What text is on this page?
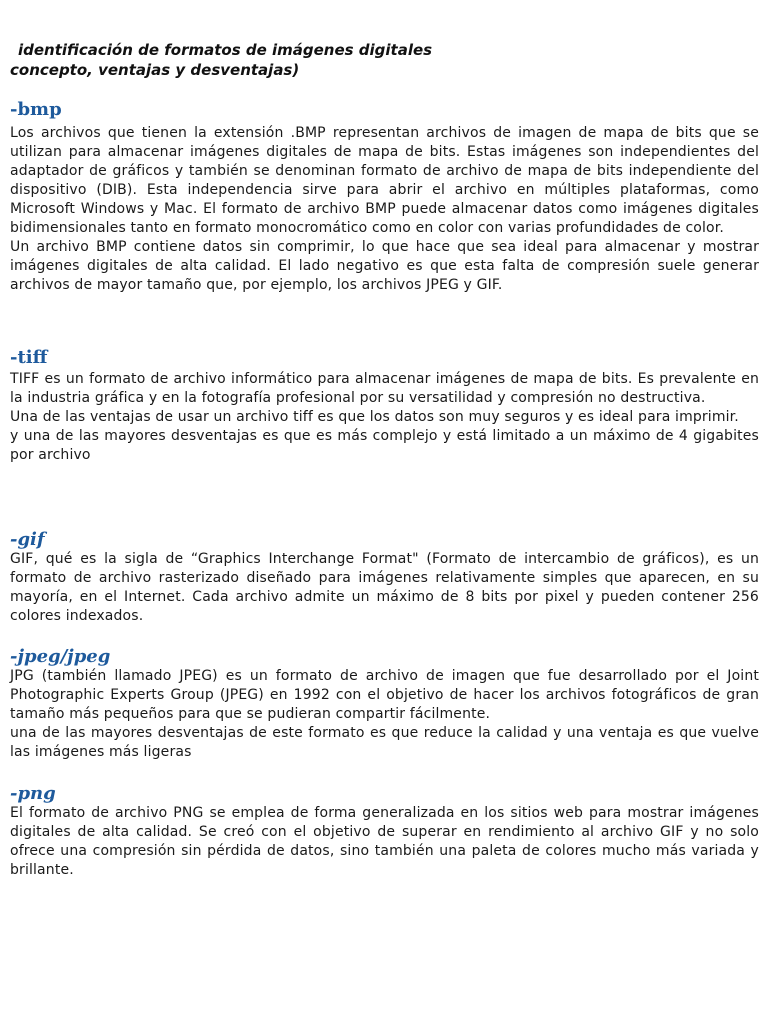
identificación de formatos de imágenes digitales
concepto, ventajas y desventajas)
-bmp

Los archivos que tienen la extensión .BMP representan archivos de imagen de mapa de bits que se utilizan para almacenar imágenes digitales de mapa de bits. Estas imágenes son independientes del adaptador de gráficos y también se denominan formato de archivo de mapa de bits independiente del dispositivo (DIB). Esta independencia sirve para abrir el archivo en múltiples plataformas, como Microsoft Windows y Mac. El formato de archivo BMP puede almacenar datos como imágenes digitales bidimensionales tanto en formato monocromático como en color con varias profundidades de color.

Un archivo BMP contiene datos sin comprimir, lo que hace que sea ideal para almacenar y mostrar imágenes digitales de alta calidad. El lado negativo es que esta falta de compresión suele generar archivos de mayor tamaño que, por ejemplo, los archivos JPEG y GIF.

-tiff

TIFF es un formato de archivo informático para almacenar imágenes de mapa de bits. Es prevalente en la industria gráfica y en la fotografía profesional por su versatilidad y compresión no destructiva.

Una de las ventajas de usar un archivo tiff es que los datos son muy seguros y es ideal para imprimir.

y una de las mayores desventajas es que es más complejo y está limitado a un máximo de 4 gigabites por archivo

-gif

GIF, qué es la sigla de “Graphics Interchange Format" (Formato de intercambio de gráficos), es un formato de archivo rasterizado diseñado para imágenes relativamente simples que aparecen, en su mayoría, en el Internet. Cada archivo admite un máximo de 8 bits por pixel y pueden contener 256 colores indexados.

-jpeg/jpeg

JPG (también llamado JPEG) es un formato de archivo de imagen que fue desarrollado por el Joint Photographic Experts Group (JPEG) en 1992 con el objetivo de hacer los archivos fotográficos de gran tamaño más pequeños para que se pudieran compartir fácilmente.

una de las mayores desventajas de este formato es que reduce la calidad y una ventaja es que vuelve las imágenes más ligeras

-png

El formato de archivo PNG se emplea de forma generalizada en los sitios web para mostrar imágenes digitales de alta calidad. Se creó con el objetivo de superar en rendimiento al archivo GIF y no solo ofrece una compresión sin pérdida de datos, sino también una paleta de colores mucho más variada y brillante.
